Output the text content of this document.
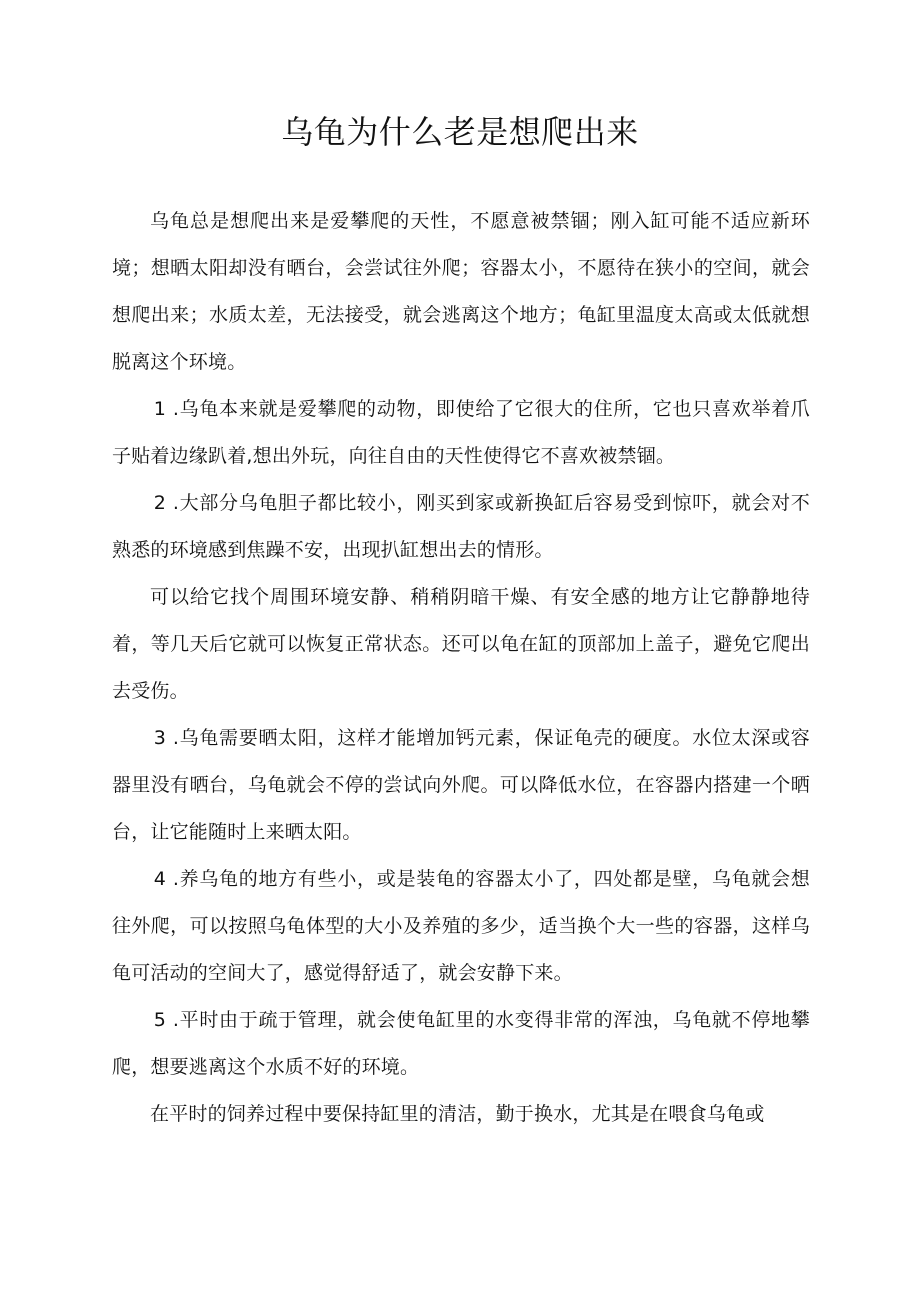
乌龟为什么老是想爬出来

乌龟总是想爬出来是爱攀爬的天性，不愿意被禁锢；刚入缸可能不适应新环境；想晒太阳却没有晒台，会尝试往外爬；容器太小，不愿待在狭小的空间，就会想爬出来；水质太差，无法接受，就会逃离这个地方；龟缸里温度太高或太低就想脱离这个环境。

1 .乌龟本来就是爱攀爬的动物，即使给了它很大的住所，它也只喜欢举着爪子贴着边缘趴着,想出外玩，向往自由的天性使得它不喜欢被禁锢。

2 .大部分乌龟胆子都比较小，刚买到家或新换缸后容易受到惊吓，就会对不熟悉的环境感到焦躁不安，出现扒缸想出去的情形。

可以给它找个周围环境安静、稍稍阴暗干燥、有安全感的地方让它静静地待着，等几天后它就可以恢复正常状态。还可以龟在缸的顶部加上盖子，避免它爬出去受伤。

3 .乌龟需要晒太阳，这样才能增加钙元素，保证龟壳的硬度。水位太深或容器里没有晒台，乌龟就会不停的尝试向外爬。可以降低水位，在容器内搭建一个晒台，让它能随时上来晒太阳。

4 .养乌龟的地方有些小，或是装龟的容器太小了，四处都是壁，乌龟就会想往外爬，可以按照乌龟体型的大小及养殖的多少，适当换个大一些的容器，这样乌龟可活动的空间大了，感觉得舒适了，就会安静下来。

5 .平时由于疏于管理，就会使龟缸里的水变得非常的浑浊，乌龟就不停地攀爬，想要逃离这个水质不好的环境。

在平时的饲养过程中要保持缸里的清洁，勤于换水，尤其是在喂食乌龟或
